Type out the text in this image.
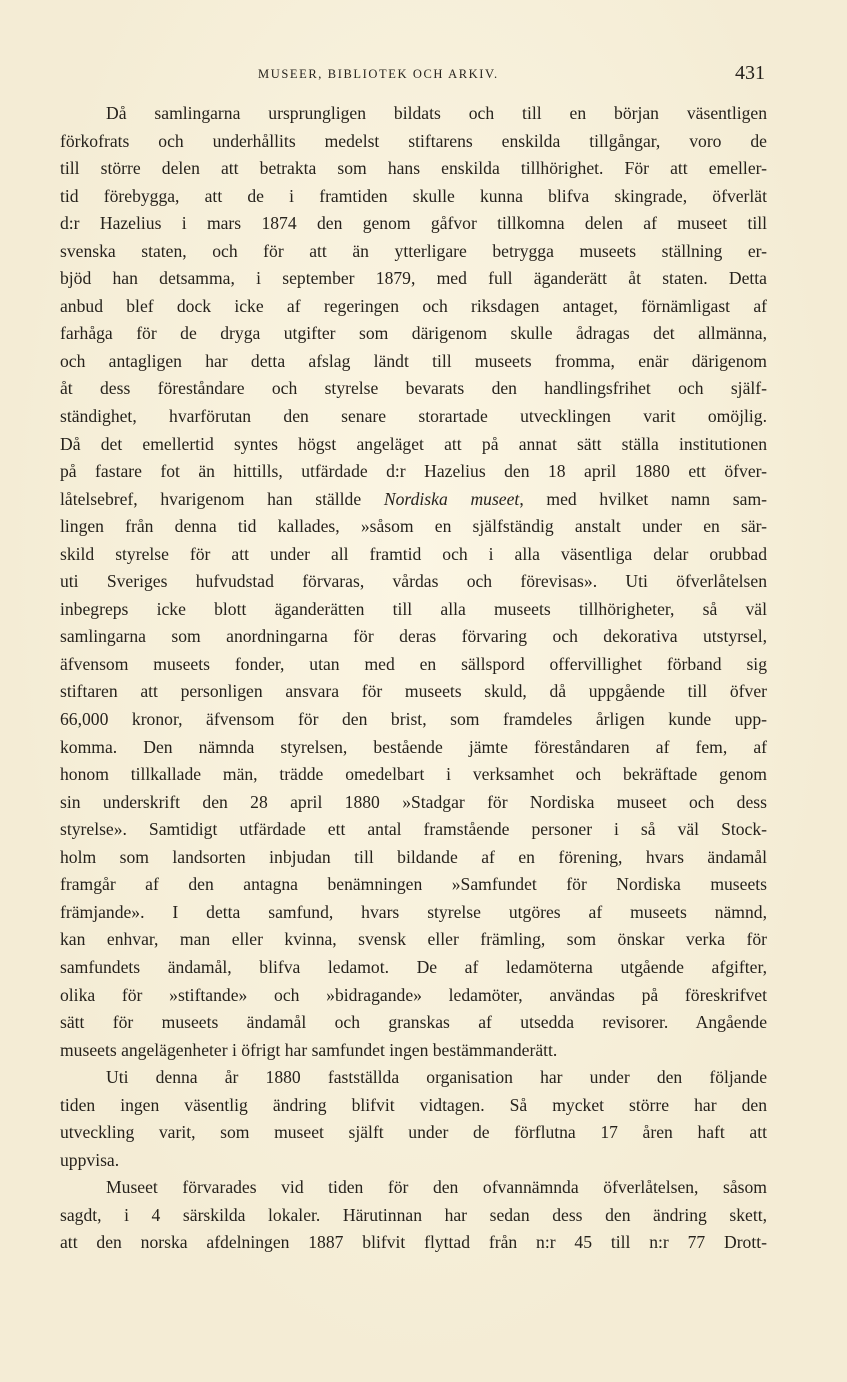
MUSEER, BIBLIOTEK OCH ARKIV.	431
Då samlingarna ursprungligen bildats och till en början väsentligen
förkofrats och underhållits medelst stiftarens enskilda tillgångar, voro de
till större delen att betrakta som hans enskilda tillhörighet. För att emeller-
tid förebygga, att de i framtiden skulle kunna blifva skingrade, öfverlät
d:r Hazelius i mars 1874 den genom gåfvor tillkomna delen af museet till
svenska staten, och för att än ytterligare betrygga museets ställning er-
bjöd han detsamma, i september 1879, med full äganderätt åt staten. Detta
anbud blef dock icke af regeringen och riksdagen antaget, förnämligast af
farhåga för de dryga utgifter som därigenom skulle ådragas det allmänna,
och antagligen har detta afslag ländt till museets fromma, enär därigenom
åt dess föreståndare och styrelse bevarats den handlingsfrihet och själf-
ständighet, hvarförutan den senare storartade utvecklingen varit omöjlig.
Då det emellertid syntes högst angeläget att på annat sätt ställa institutionen
på fastare fot än hittills, utfärdade d:r Hazelius den 18 april 1880 ett öfver-
låtelsebref, hvarigenom han ställde Nordiska museet, med hvilket namn sam-
lingen från denna tid kallades, »såsom en själfständig anstalt under en sär-
skild styrelse för att under all framtid och i alla väsentliga delar orubbad
uti Sveriges hufvudstad förvaras, vårdas och förevisas». Uti öfverlåtelsen
inbegreps icke blott äganderätten till alla museets tillhörigheter, så väl
samlingarna som anordningarna för deras förvaring och dekorativa utstyrsel,
äfvensom museets fonder, utan med en sällspord offervillighet förband sig
stiftaren att personligen ansvara för museets skuld, då uppgående till öfver
66,000 kronor, äfvensom för den brist, som framdeles årligen kunde upp-
komma. Den nämnda styrelsen, bestående jämte föreståndaren af fem, af
honom tillkallade män, trädde omedelbart i verksamhet och bekräftade genom
sin underskrift den 28 april 1880 »Stadgar för Nordiska museet och dess
styrelse». Samtidigt utfärdade ett antal framstående personer i så väl Stock-
holm som landsorten inbjudan till bildande af en förening, hvars ändamål
framgår af den antagna benämningen »Samfundet för Nordiska museets
främjande». I detta samfund, hvars styrelse utgöres af museets nämnd,
kan enhvar, man eller kvinna, svensk eller främling, som önskar verka för
samfundets ändamål, blifva ledamot. De af ledamöterna utgående afgifter,
olika för »stiftande» och »bidragande» ledamöter, användas på föreskrifvet
sätt för museets ändamål och granskas af utsedda revisorer. Angående
museets angelägenheter i öfrigt har samfundet ingen bestämmanderätt.
Uti denna år 1880 fastställda organisation har under den följande
tiden ingen väsentlig ändring blifvit vidtagen. Så mycket större har den
utveckling varit, som museet själft under de förflutna 17 åren haft att
uppvisa.
Museet förvarades vid tiden för den ofvannämnda öfverlåtelsen, såsom
sagdt, i 4 särskilda lokaler. Härutinnan har sedan dess den ändring skett,
att den norska afdelningen 1887 blifvit flyttad från n:r 45 till n:r 77 Drott-
